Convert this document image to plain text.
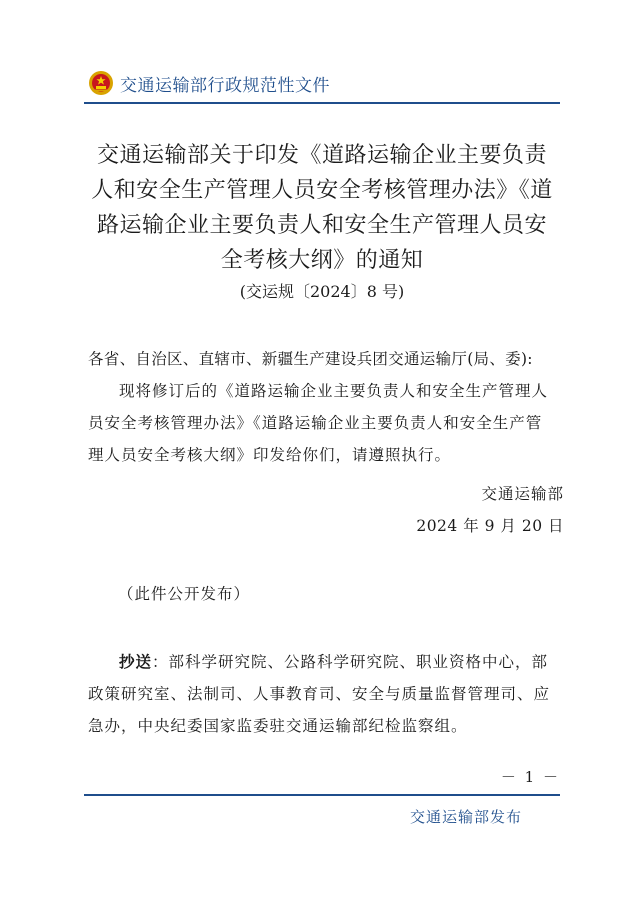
交通运输部行政规范性文件
交通运输部关于印发《道路运输企业主要负责
人和安全生产管理人员安全考核管理办法》《道
路运输企业主要负责人和安全生产管理人员安
全考核大纲》的通知
(交运规〔2024〕8 号)
各省、自治区、直辖市、新疆生产建设兵团交通运输厅(局、委):
现将修订后的《道路运输企业主要负责人和安全生产管理人
员安全考核管理办法》《道路运输企业主要负责人和安全生产管
理人员安全考核大纲》印发给你们，请遵照执行。
交通运输部
2024 年 9 月 20 日
（此件公开发布）
抄送：部科学研究院、公路科学研究院、职业资格中心，部
政策研究室、法制司、人事教育司、安全与质量监督管理司、应
急办，中央纪委国家监委驻交通运输部纪检监察组。
－ 1 －
交通运输部发布
